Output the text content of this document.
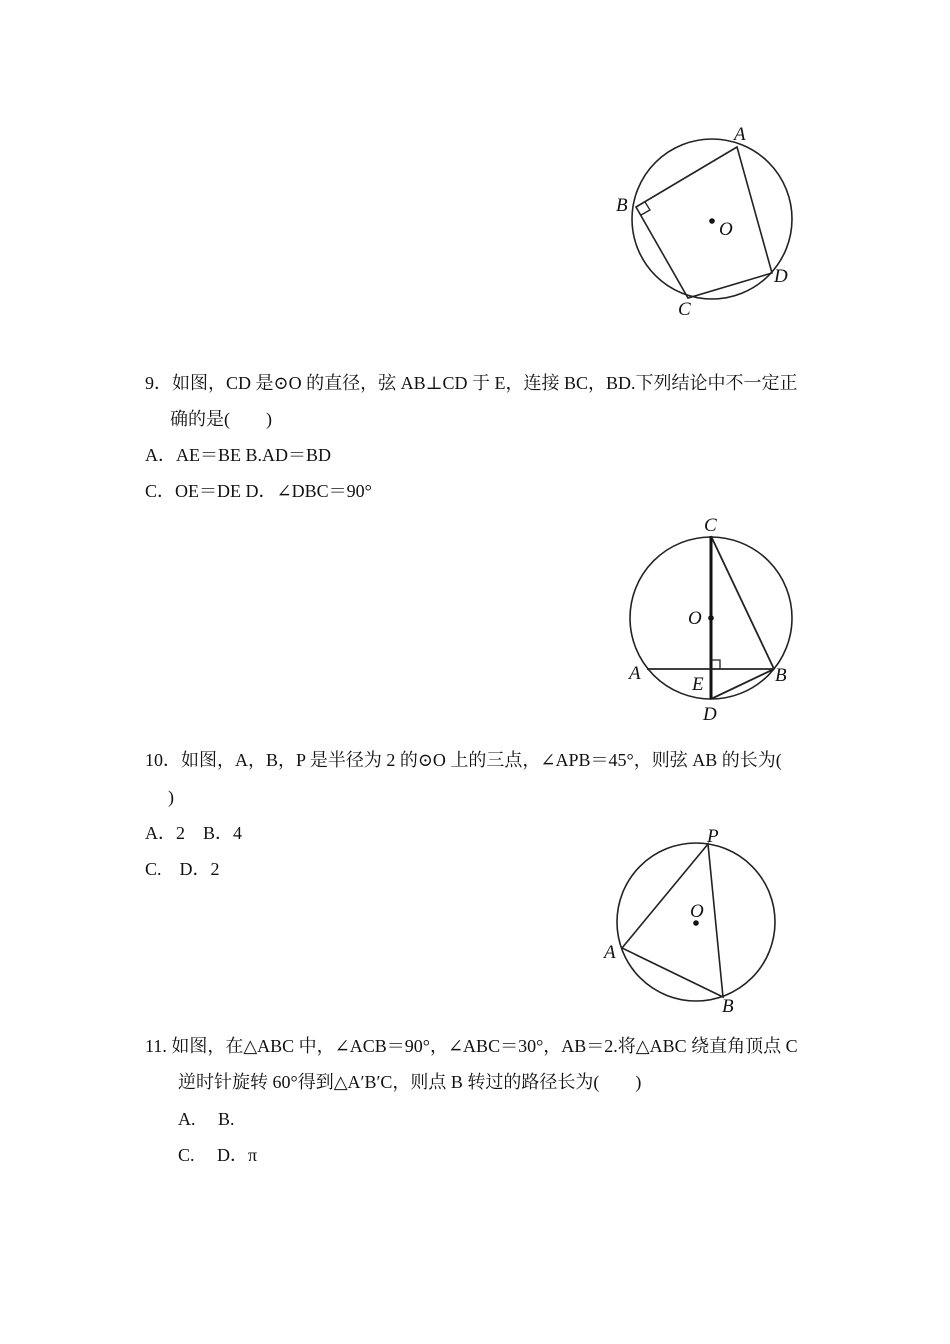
A
B
O
D
C
9．如图，CD 是⊙O 的直径，弦 AB⊥CD 于 E，连接 BC，BD.下列结论中不一定正
确的是(　　)
A．AE＝BE B.AD＝BD
C．OE＝DE D．∠DBC＝90°
C
O
A
E	B
D
10．如图，A，B，P 是半径为 2 的⊙O 上的三点，∠APB＝45°，则弦 AB 的长为(
)
A．2　B．4
C.　D．2
P
O
A
B
11. 如图，在△ABC 中，∠ACB＝90°，∠ABC＝30°，AB＝2.将△ABC 绕直角顶点 C
逆时针旋转 60°得到△A′B′C，则点 B 转过的路径长为(　　)
A.　 B.
C.　 D．π
